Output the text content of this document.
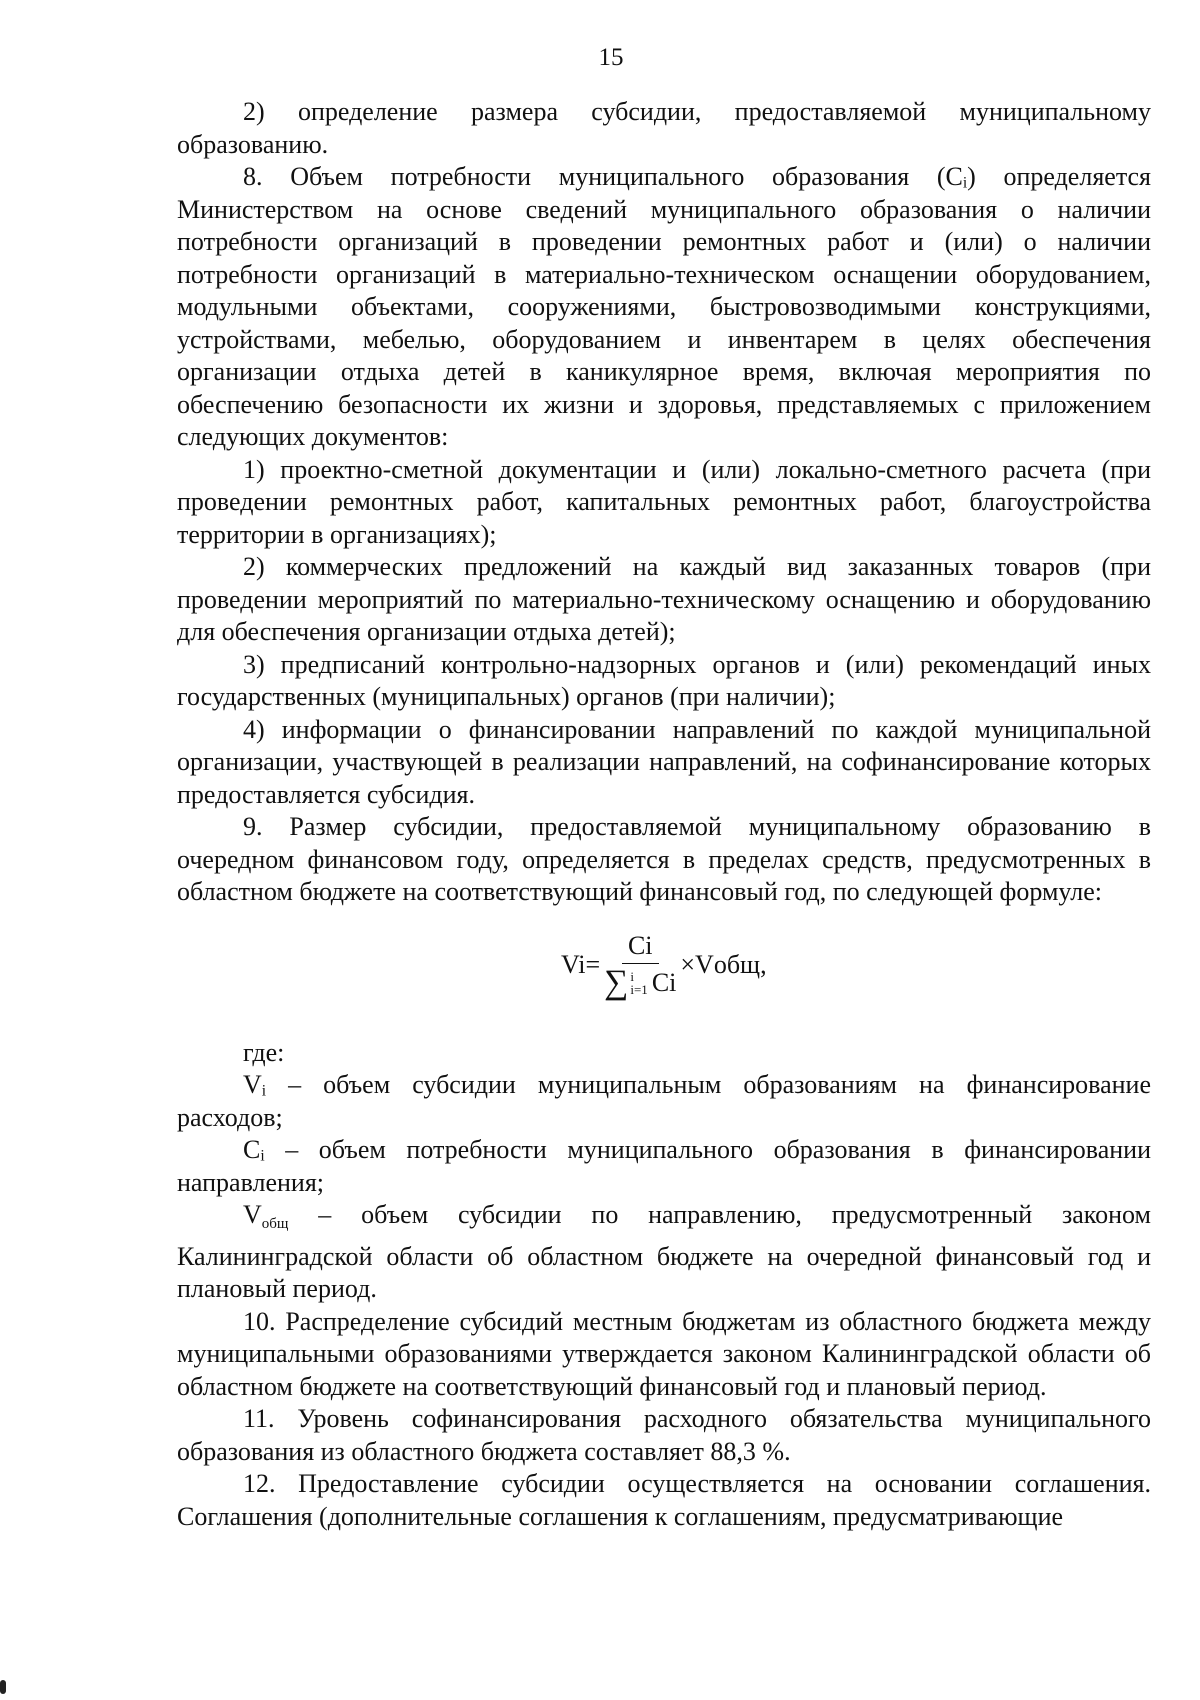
15

2) определение размера субсидии, предоставляемой муниципальному образованию.

8. Объем потребности муниципального образования (Cᵢ) определяется Министерством на основе сведений муниципального образования о наличии потребности организаций в проведении ремонтных работ и (или) о наличии потребности организаций в материально-техническом оснащении оборудованием, модульными объектами, сооружениями, быстровозводимыми конструкциями, устройствами, мебелью, оборудованием и инвентарем в целях обеспечения организации отдыха детей в каникулярное время, включая мероприятия по обеспечению безопасности их жизни и здоровья, представляемых с приложением следующих документов:

1) проектно-сметной документации и (или) локально-сметного расчета (при проведении ремонтных работ, капитальных ремонтных работ, благоустройства территории в организациях);

2) коммерческих предложений на каждый вид заказанных товаров (при проведении мероприятий по материально-техническому оснащению и оборудованию для обеспечения организации отдыха детей);

3) предписаний контрольно-надзорных органов и (или) рекомендаций иных государственных (муниципальных) органов (при наличии);

4) информации о финансировании направлений по каждой муниципальной организации, участвующей в реализации направлений, на софинансирование которых предоставляется субсидия.

9. Размер субсидии, предоставляемой муниципальному образованию в очередном финансовом году, определяется в пределах средств, предусмотренных в областном бюджете на соответствующий финансовый год, по следующей формуле:

Vi=
Ci
∑ i
i=1 Ci
×Vобщ,

где:

Vᵢ – объем субсидии муниципальным образованиям на финансирование расходов;

Cᵢ – объем потребности муниципального образования в финансировании направления;

$V_{общ}$ – объем субсидии по направлению, предусмотренный законом Калининградской области об областном бюджете на очередной финансовый год и плановый период.

10. Распределение субсидий местным бюджетам из областного бюджета между муниципальными образованиями утверждается законом Калининградской области об областном бюджете на соответствующий финансовый год и плановый период.

11. Уровень софинансирования расходного обязательства муниципального образования из областного бюджета составляет 88,3 %.

12. Предоставление субсидии осуществляется на основании соглашения. Соглашения (дополнительные соглашения к соглашениям, предусматривающие
